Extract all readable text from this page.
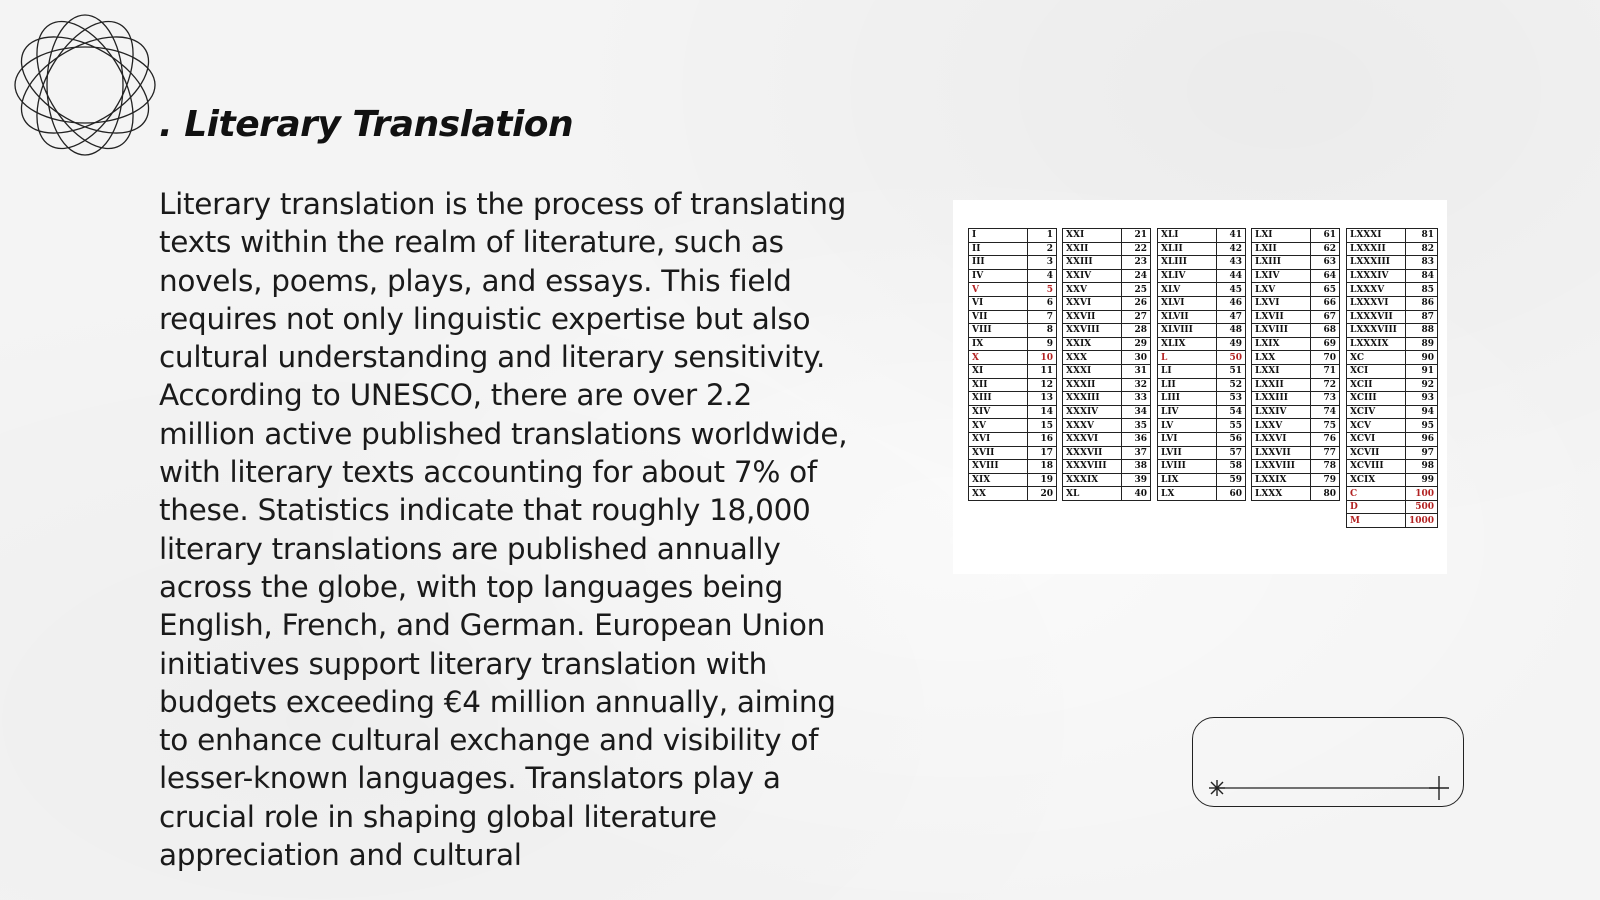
. Literary Translation
Literary translation is the process of translating texts within the realm of literature, such as novels, poems, plays, and essays. This field requires not only linguistic expertise but also cultural understanding and literary sensitivity. According to UNESCO, there are over 2.2 million active published translations worldwide, with literary texts accounting for about 7% of these. Statistics indicate that roughly 18,000 literary translations are published annually across the globe, with top languages being English, French, and German. European Union initiatives support literary translation with budgets exceeding €4 million annually, aiming to enhance cultural exchange and visibility of lesser-known languages. Translators play a crucial role in shaping global literature appreciation and cultural
I	1
II	2
III	3
IV	4
V	5
VI	6
VII	7
VIII	8
IX	9
X	10
XI	11
XII	12
XIII	13
XIV	14
XV	15
XVI	16
XVII	17
XVIII	18
XIX	19
XX	20
XXI	21
XXII	22
XXIII	23
XXIV	24
XXV	25
XXVI	26
XXVII	27
XXVIII	28
XXIX	29
XXX	30
XXXI	31
XXXII	32
XXXIII	33
XXXIV	34
XXXV	35
XXXVI	36
XXXVII	37
XXXVIII	38
XXXIX	39
XL	40
XLI	41
XLII	42
XLIII	43
XLIV	44
XLV	45
XLVI	46
XLVII	47
XLVIII	48
XLIX	49
L	50
LI	51
LII	52
LIII	53
LIV	54
LV	55
LVI	56
LVII	57
LVIII	58
LIX	59
LX	60
LXI	61
LXII	62
LXIII	63
LXIV	64
LXV	65
LXVI	66
LXVII	67
LXVIII	68
LXIX	69
LXX	70
LXXI	71
LXXII	72
LXXIII	73
LXXIV	74
LXXV	75
LXXVI	76
LXXVII	77
LXXVIII	78
LXXIX	79
LXXX	80
LXXXI	81
LXXXII	82
LXXXIII	83
LXXXIV	84
LXXXV	85
LXXXVI	86
LXXXVII	87
LXXXVIII	88
LXXXIX	89
XC	90
XCI	91
XCII	92
XCIII	93
XCIV	94
XCV	95
XCVI	96
XCVII	97
XCVIII	98
XCIX	99
C	100
D	500
M	1000
